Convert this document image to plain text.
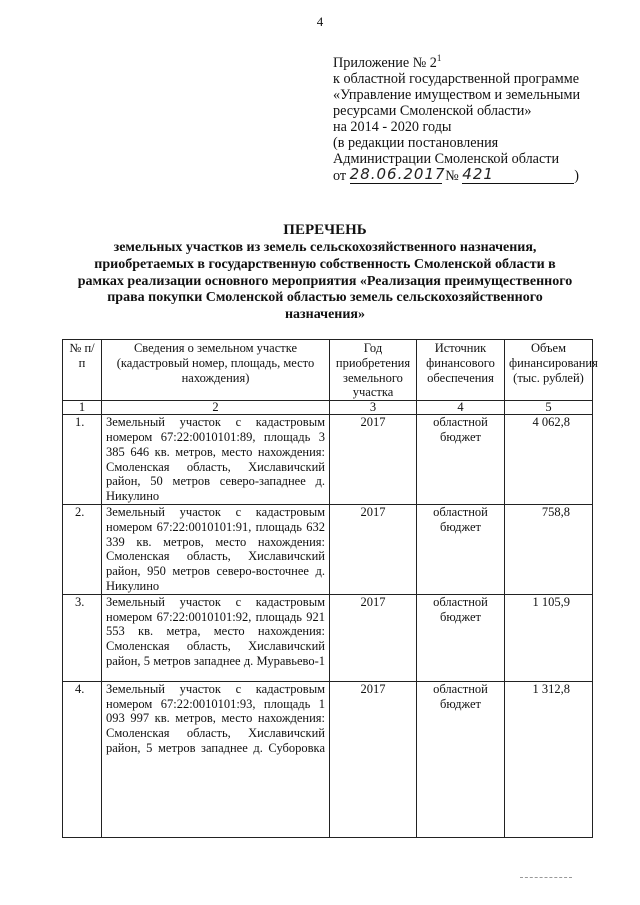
4
Приложение № $2^1$
к областной государственной программе
«Управление имуществом и земельными
ресурсами Смоленской области»
на 2014 - 2020 годы
(в редакции постановления
Администрации Смоленской области
от 28.06.2017 № 421	)
ПЕРЕЧЕНЬ
земельных участков из земель сельскохозяйственного назначения,
приобретаемых в государственную собственность Смоленской области в
рамках реализации основного мероприятия «Реализация преимущественного
права покупки Смоленской областью земель сельскохозяйственного
назначения»
№ п/п	Сведения о земельном участке (кадастровый номер, площадь, место нахождения)	Год приобретения земельного участка	Источник финансового обеспечения	Объем финансирования (тыс. рублей)
1	2	3	4	5
1.	Земельный участок с кадастровым номером 67:22:0010101:89, площадь 3 385 646 кв. метров, место нахождения: Смоленская область, Хиславичский район, 50 метров северо-западнее д. Никулино	2017	областной бюджет	4 062,8
2.	Земельный участок с кадастровым номером 67:22:0010101:91, площадь 632 339 кв. метров, место нахождения: Смоленская область, Хиславичский район, 950 метров северо-восточнее д. Никулино	2017	областной бюджет	758,8
3.	Земельный участок с кадастровым номером 67:22:0010101:92, площадь 921 553 кв. метра, место нахождения: Смоленская область, Хиславичский район, 5 метров западнее д. Муравьево-1	2017	областной бюджет	1 105,9
4.	Земельный участок с кадастровым номером 67:22:0010101:93, площадь 1 093 997 кв. метров, место нахождения: Смоленская область, Хиславичский район, 5 метров западнее д. Суборовка	2017	областной бюджет	1 312,8
